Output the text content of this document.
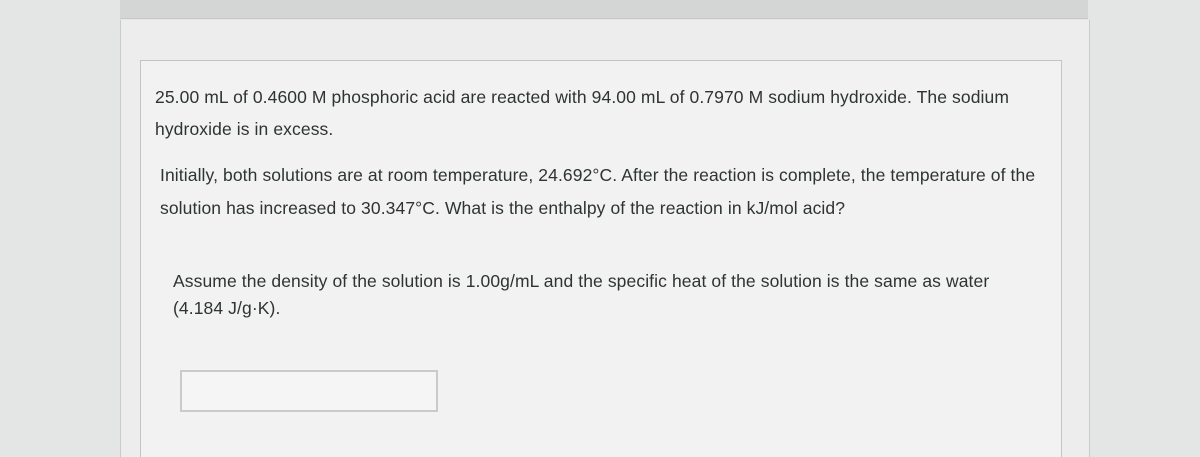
25.00 mL of 0.4600 M phosphoric acid are reacted with 94.00 mL of 0.7970 M sodium hydroxide. The sodium hydroxide is in excess.

Initially, both solutions are at room temperature, 24.692°C. After the reaction is complete, the temperature of the solution has increased to 30.347°C. What is the enthalpy of the reaction in kJ/mol acid?

Assume the density of the solution is 1.00g/mL and the specific heat of the solution is the same as water (4.184 J/g·K).
